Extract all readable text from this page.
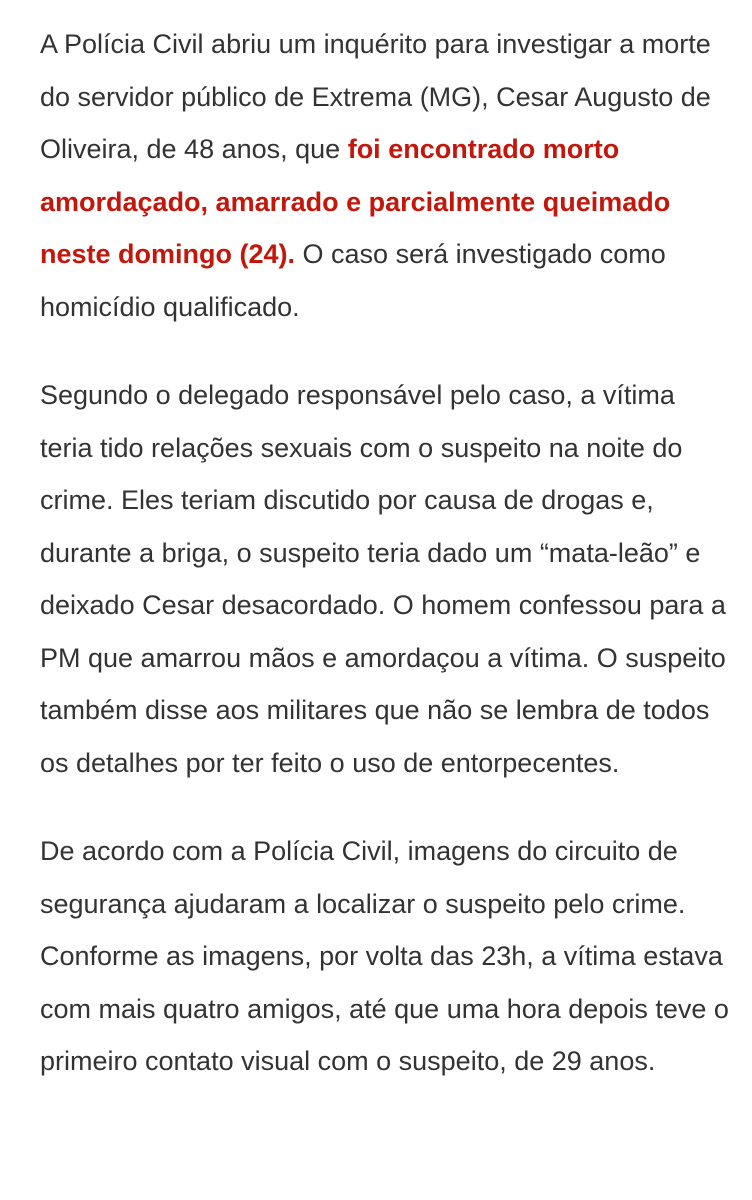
A Polícia Civil abriu um inquérito para investigar a morte do servidor público de Extrema (MG), Cesar Augusto de Oliveira, de 48 anos, que foi encontrado morto amordaçado, amarrado e parcialmente queimado neste domingo (24). O caso será investigado como homicídio qualificado.

Segundo o delegado responsável pelo caso, a vítima teria tido relações sexuais com o suspeito na noite do crime. Eles teriam discutido por causa de drogas e, durante a briga, o suspeito teria dado um “mata-leão” e deixado Cesar desacordado. O homem confessou para a PM que amarrou mãos e amordaçou a vítima. O suspeito também disse aos militares que não se lembra de todos os detalhes por ter feito o uso de entorpecentes.

De acordo com a Polícia Civil, imagens do circuito de segurança ajudaram a localizar o suspeito pelo crime. Conforme as imagens, por volta das 23h, a vítima estava com mais quatro amigos, até que uma hora depois teve o primeiro contato visual com o suspeito, de 29 anos.
